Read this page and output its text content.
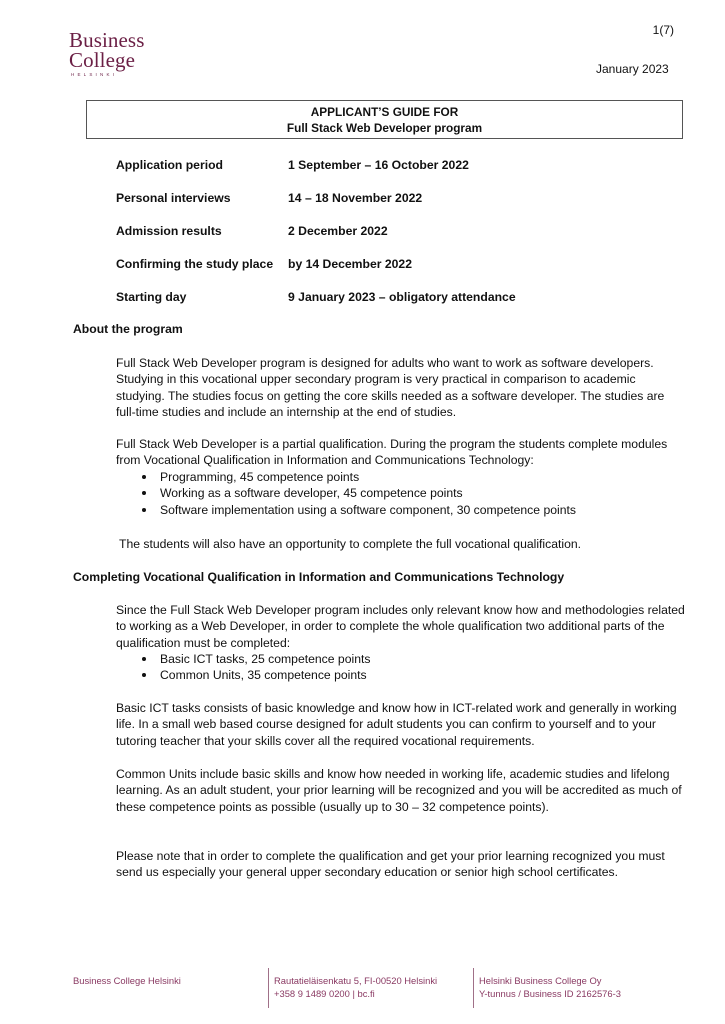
Business
College
HELSINKI
1(7)
January 2023
APPLICANT’S GUIDE FOR
Full Stack Web Developer program
Application period	1 September – 16 October 2022
Personal interviews	14 – 18 November 2022
Admission results	2 December 2022
Confirming the study place	by 14 December 2022
Starting day	9 January 2023 – obligatory attendance
About the program
Full Stack Web Developer program is designed for adults who want to work as software developers. Studying in this vocational upper secondary program is very practical in comparison to academic studying. The studies focus on getting the core skills needed as a software developer. The studies are full-time studies and include an internship at the end of studies.
Full Stack Web Developer is a partial qualification. During the program the students complete modules from Vocational Qualification in Information and Communications Technology:
Programming, 45 competence points
Working as a software developer, 45 competence points
Software implementation using a software component, 30 competence points
The students will also have an opportunity to complete the full vocational qualification.
Completing Vocational Qualification in Information and Communications Technology
Since the Full Stack Web Developer program includes only relevant know how and methodologies related to working as a Web Developer, in order to complete the whole qualification two additional parts of the qualification must be completed:
Basic ICT tasks, 25 competence points
Common Units, 35 competence points
Basic ICT tasks consists of basic knowledge and know how in ICT-related work and generally in working life. In a small web based course designed for adult students you can confirm to yourself and to your tutoring teacher that your skills cover all the required vocational requirements.
Common Units include basic skills and know how needed in working life, academic studies and lifelong learning. As an adult student, your prior learning will be recognized and you will be accredited as much of these competence points as possible (usually up to 30 – 32 competence points).
Please note that in order to complete the qualification and get your prior learning recognized you must send us especially your general upper secondary education or senior high school certificates.
Business College Helsinki	Rautatieläisenkatu 5, FI-00520 Helsinki
+358 9 1489 0200 | bc.fi
Helsinki Business College Oy
Y-tunnus / Business ID 2162576-3
